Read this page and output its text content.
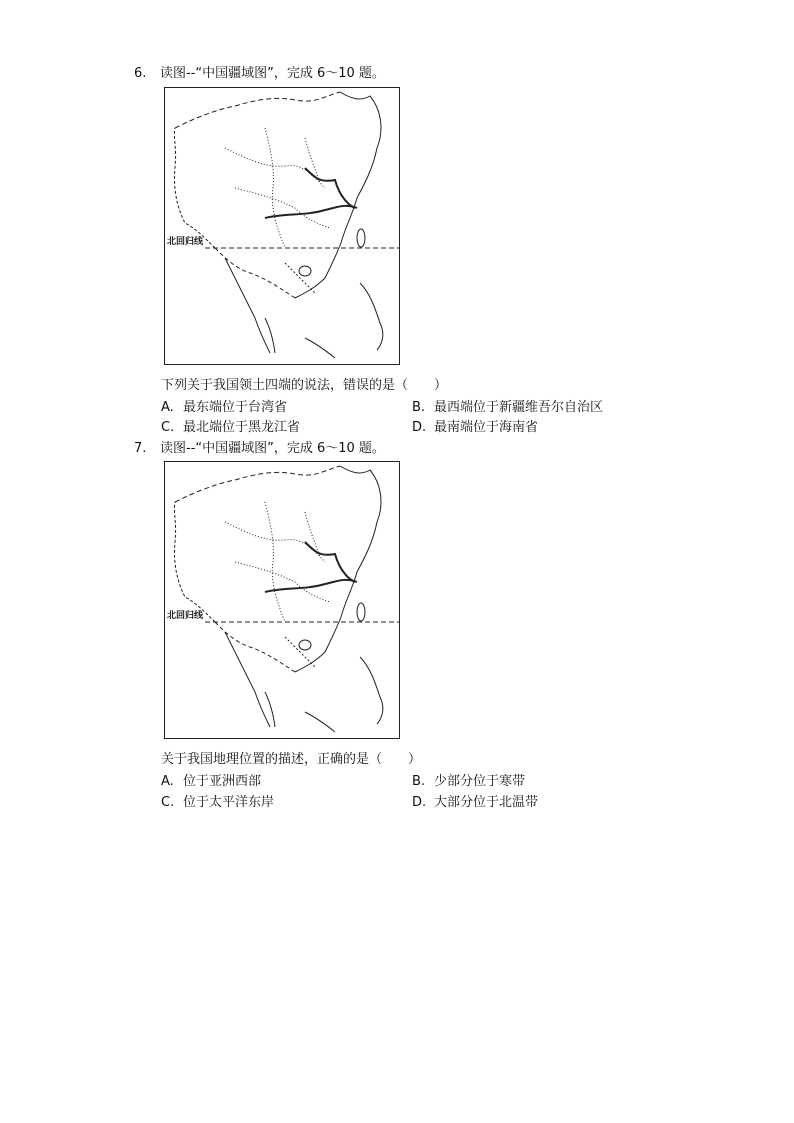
6. 读图--“中国疆域图”，完成 6～10 题。
北回归线
下列关于我国领土四端的说法，错误的是（　　）
A. 最东端位于台湾省	B. 最西端位于新疆维吾尔自治区
C. 最北端位于黑龙江省	D. 最南端位于海南省
7. 读图--“中国疆域图”，完成 6～10 题。
北回归线
关于我国地理位置的描述，正确的是（　　）
A. 位于亚洲西部	B. 少部分位于寒带
C. 位于太平洋东岸	D. 大部分位于北温带
